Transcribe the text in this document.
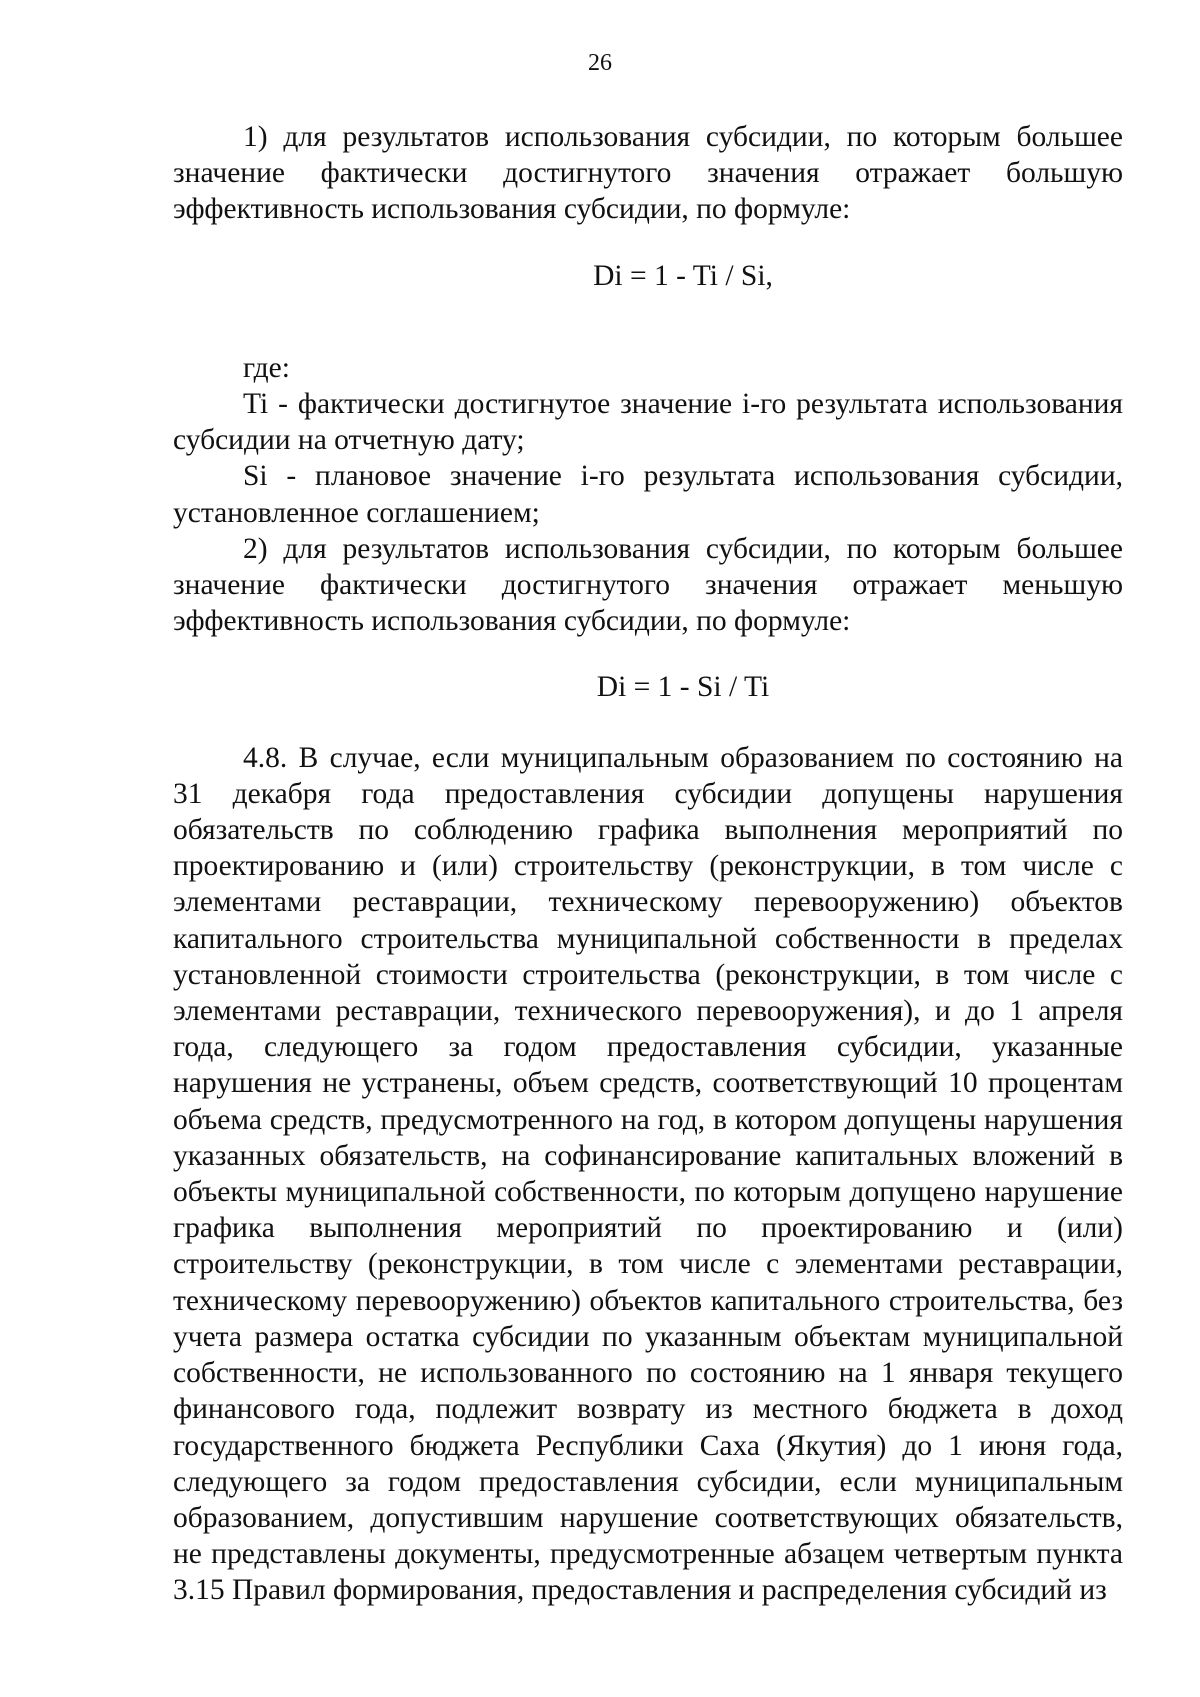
26

1) для результатов использования субсидии, по которым большее значение фактически достигнутого значения отражает большую эффективность использования субсидии, по формуле:

Di = 1 - Ti / Si,

где:

Ti - фактически достигнутое значение i-го результата использования субсидии на отчетную дату;

Si - плановое значение i-го результата использования субсидии, установленное соглашением;

2) для результатов использования субсидии, по которым большее значение фактически достигнутого значения отражает меньшую эффективность использования субсидии, по формуле:

Di = 1 - Si / Ti

4.8. В случае, если муниципальным образованием по состоянию на 31 декабря года предоставления субсидии допущены нарушения обязательств по соблюдению графика выполнения мероприятий по проектированию и (или) строительству (реконструкции, в том числе с элементами реставрации, техническому перевооружению) объектов капитального строительства муниципальной собственности в пределах установленной стоимости строительства (реконструкции, в том числе с элементами реставрации, технического перевооружения), и до 1 апреля года, следующего за годом предоставления субсидии, указанные нарушения не устранены, объем средств, соответствующий 10 процентам объема средств, предусмотренного на год, в котором допущены нарушения указанных обязательств, на софинансирование капитальных вложений в объекты муниципальной собственности, по которым допущено нарушение графика выполнения мероприятий по проектированию и (или) строительству (реконструкции, в том числе с элементами реставрации, техническому перевооружению) объектов капитального строительства, без учета размера остатка субсидии по указанным объектам муниципальной собственности, не использованного по состоянию на 1 января текущего финансового года, подлежит возврату из местного бюджета в доход государственного бюджета Республики Саха (Якутия) до 1 июня года, следующего за годом предоставления субсидии, если муниципальным образованием, допустившим нарушение соответствующих обязательств, не представлены документы, предусмотренные абзацем четвертым пункта 3.15 Правил формирования, предоставления и распределения субсидий из
